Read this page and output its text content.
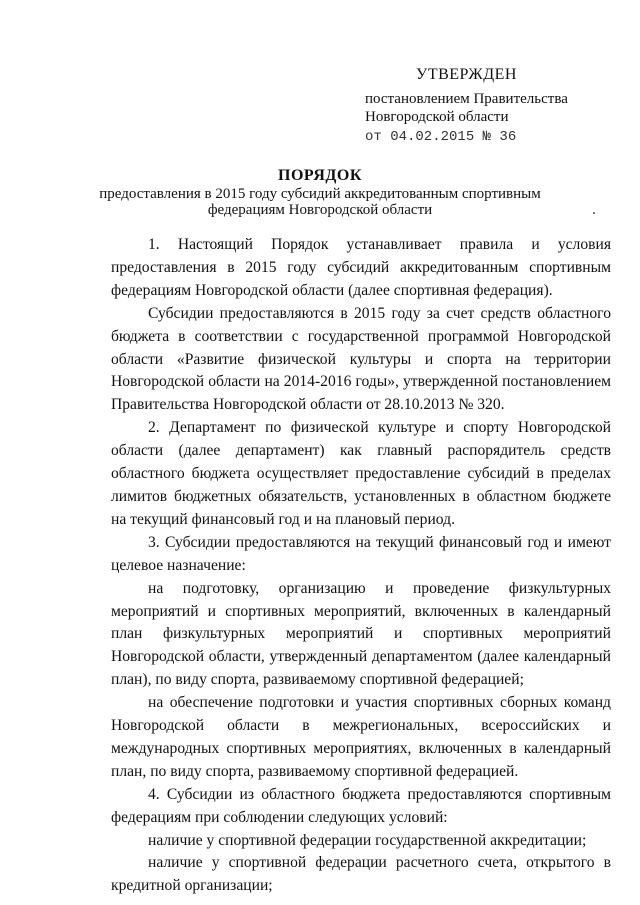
УТВЕРЖДЕН
постановлением Правительства
Новгородской области
от 04.02.2015 № 36
ПОРЯДОК
предоставления в 2015 году субсидий аккредитованным спортивным
федерациям Новгородской области

1. Настоящий Порядок устанавливает правила и условия предоставления в 2015 году субсидий аккредитованным спортивным федерациям Новгородской области (далее спортивная федерация).

Субсидии предоставляются в 2015 году за счет средств областного бюджета в соответствии с государственной программой Новгородской области «Развитие физической культуры и спорта на территории Новгородской области на 2014-2016 годы», утвержденной постановлением Правительства Новгородской области от 28.10.2013 № 320.

2. Департамент по физической культуре и спорту Новгородской области (далее департамент) как главный распорядитель средств областного бюджета осуществляет предоставление субсидий в пределах лимитов бюджетных обязательств, установленных в областном бюджете на текущий финансовый год и на плановый период.

3. Субсидии предоставляются на текущий финансовый год и имеют целевое назначение:

на подготовку, организацию и проведение физкультурных мероприятий и спортивных мероприятий, включенных в календарный план физкультурных мероприятий и спортивных мероприятий Новгородской области, утвержденный департаментом (далее календарный план), по виду спорта, развиваемому спортивной федерацией;

на обеспечение подготовки и участия спортивных сборных команд Новгородской области в межрегиональных, всероссийских и международных спортивных мероприятиях, включенных в календарный план, по виду спорта, развиваемому спортивной федерацией.

4. Субсидии из областного бюджета предоставляются спортивным федерациям при соблюдении следующих условий:

наличие у спортивной федерации государственной аккредитации;

наличие у спортивной федерации расчетного счета, открытого в кредитной организации;
